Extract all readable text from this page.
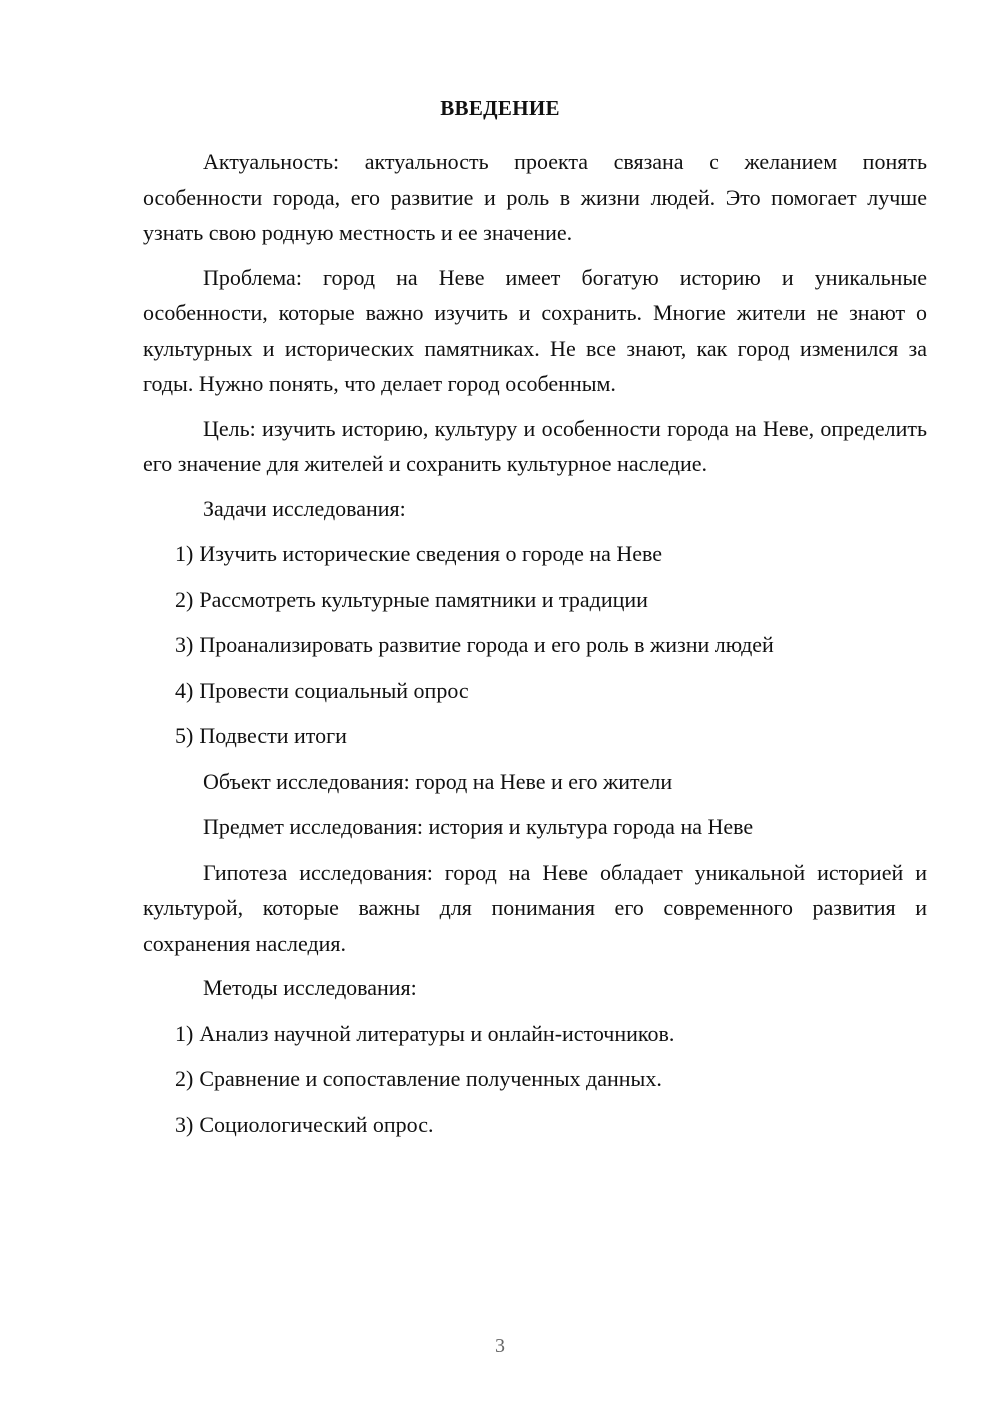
ВВЕДЕНИЕ

Актуальность: актуальность проекта связана с желанием понять особенности города, его развитие и роль в жизни людей. Это помогает лучше узнать свою родную местность и ее значение.

Проблема: город на Неве имеет богатую историю и уникальные особенности, которые важно изучить и сохранить. Многие жители не знают о культурных и исторических памятниках. Не все знают, как город изменился за годы. Нужно понять, что делает город особенным.

Цель: изучить историю, культуру и особенности города на Неве, определить его значение для жителей и сохранить культурное наследие.

Задачи исследования:

1) Изучить исторические сведения о городе на Неве
2) Рассмотреть культурные памятники и традиции
3) Проанализировать развитие города и его роль в жизни людей
4) Провести социальный опрос
5) Подвести итоги

Объект исследования: город на Неве и его жители

Предмет исследования: история и культура города на Неве

Гипотеза исследования: город на Неве обладает уникальной историей и культурой, которые важны для понимания его современного развития и сохранения наследия.

Методы исследования:

1) Анализ научной литературы и онлайн-источников.
2) Сравнение и сопоставление полученных данных.
3) Социологический опрос.
3
